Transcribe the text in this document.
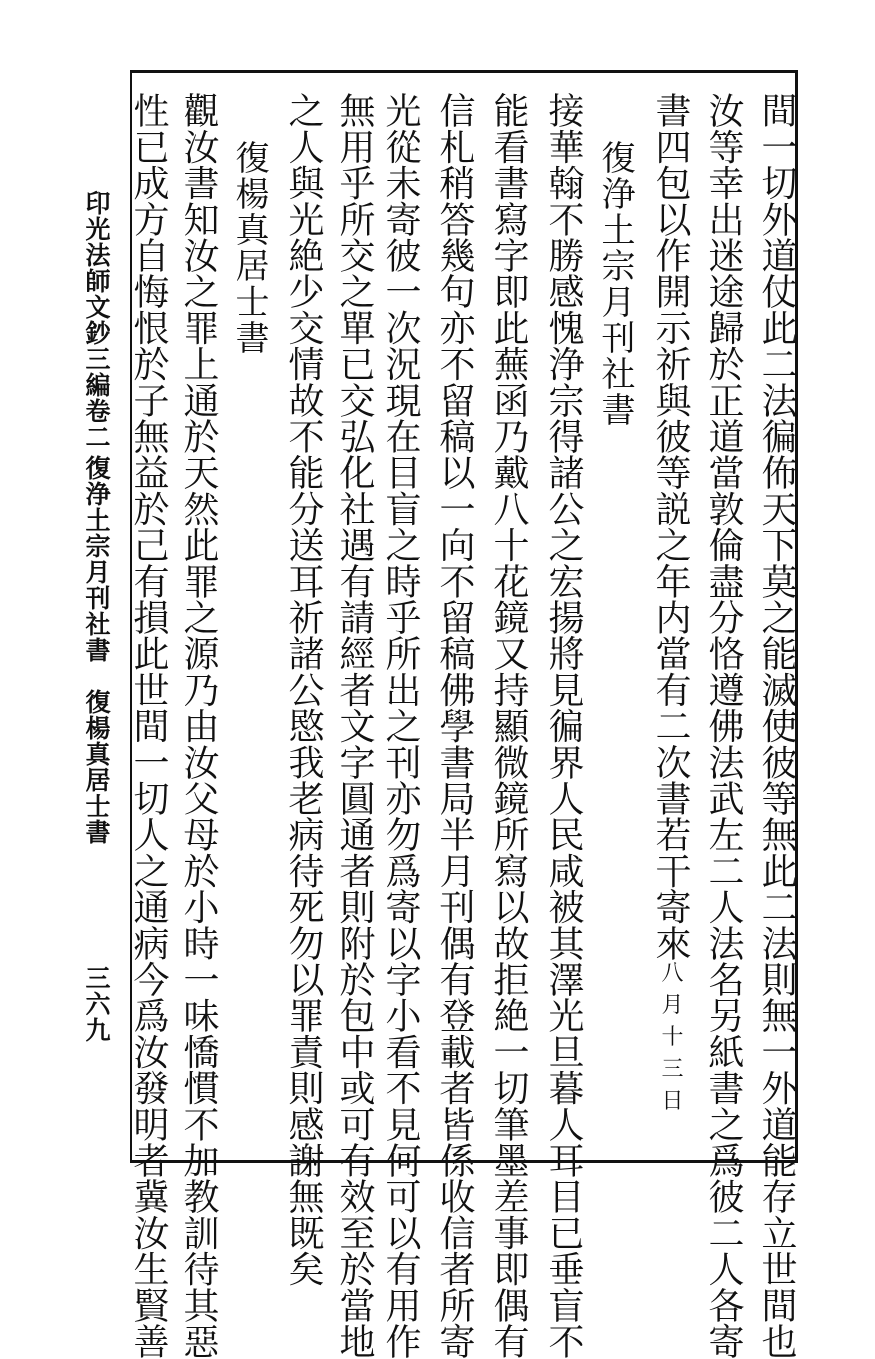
間一切外道仗此二法徧佈天下莫之能滅使彼等無此二法則無一外道能存立世間也
汝等幸出迷途歸於正道當敦倫盡分恪遵佛法武左二人法名另紙書之爲彼二人各寄
書四包以作開示祈與彼等説之年内當有二次書若干寄來八月十三日
復浄土宗月刊社書
接華翰不勝感愧浄宗得諸公之宏揚將見徧界人民咸被其澤光旦暮人耳目已垂盲不
能看書寫字即此蕪函乃戴八十花鏡又持顯微鏡所寫以故拒絶一切筆墨差事即偶有
信札稍答幾句亦不留稿以一向不留稿佛學書局半月刊偶有登載者皆係收信者所寄
光從未寄彼一次況現在目盲之時乎所出之刊亦勿爲寄以字小看不見何可以有用作
無用乎所交之單已交弘化社遇有請經者文字圓通者則附於包中或可有效至於當地
之人與光絶少交情故不能分送耳祈諸公愍我老病待死勿以罪責則感謝無既矣
復楊真居士書
觀汝書知汝之罪上通於天然此罪之源乃由汝父母於小時一味憍慣不加教訓待其惡
性已成方自悔恨於子無益於己有損此世間一切人之通病今爲汝發明者冀汝生賢善
印光法師文鈔三編卷二
復浄土宗月刊社書　復楊真居士書
三六九
